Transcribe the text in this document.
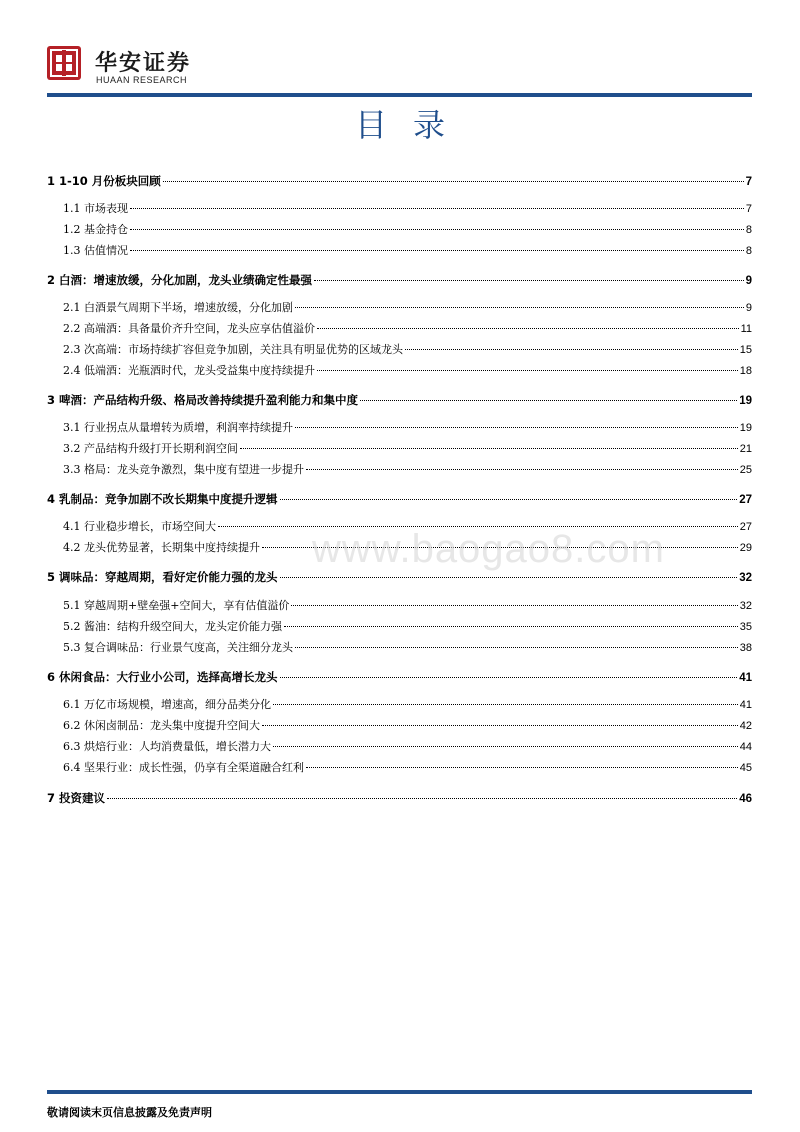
华安证券
HUAAN RESEARCH
目录
1 1-10 月份板块回顾	7
1.1 市场表现	7
1.2 基金持仓	8
1.3 估值情况	8
2 白酒：增速放缓，分化加剧，龙头业绩确定性最强	9
2.1 白酒景气周期下半场，增速放缓，分化加剧	9
2.2 高端酒：具备量价齐升空间，龙头应享估值溢价	11
2.3 次高端：市场持续扩容但竞争加剧，关注具有明显优势的区域龙头	15
2.4 低端酒：光瓶酒时代，龙头受益集中度持续提升	18
3 啤酒：产品结构升级、格局改善持续提升盈利能力和集中度	19
3.1 行业拐点从量增转为质增，利润率持续提升	19
3.2 产品结构升级打开长期利润空间	21
3.3 格局：龙头竞争激烈，集中度有望进一步提升	25
4 乳制品：竞争加剧不改长期集中度提升逻辑	27
4.1 行业稳步增长，市场空间大	27
4.2 龙头优势显著，长期集中度持续提升	29
5 调味品：穿越周期，看好定价能力强的龙头	32
5.1 穿越周期+壁垒强+空间大，享有估值溢价	32
5.2 酱油：结构升级空间大，龙头定价能力强	35
5.3 复合调味品：行业景气度高，关注细分龙头	38
6 休闲食品：大行业小公司，选择高增长龙头	41
6.1 万亿市场规模，增速高，细分品类分化	41
6.2 休闲卤制品：龙头集中度提升空间大	42
6.3 烘焙行业：人均消费量低，增长潜力大	44
6.4 坚果行业：成长性强，仍享有全渠道融合红利	45
7 投资建议	46
www.baogao8.com
敬请阅读末页信息披露及免责声明
